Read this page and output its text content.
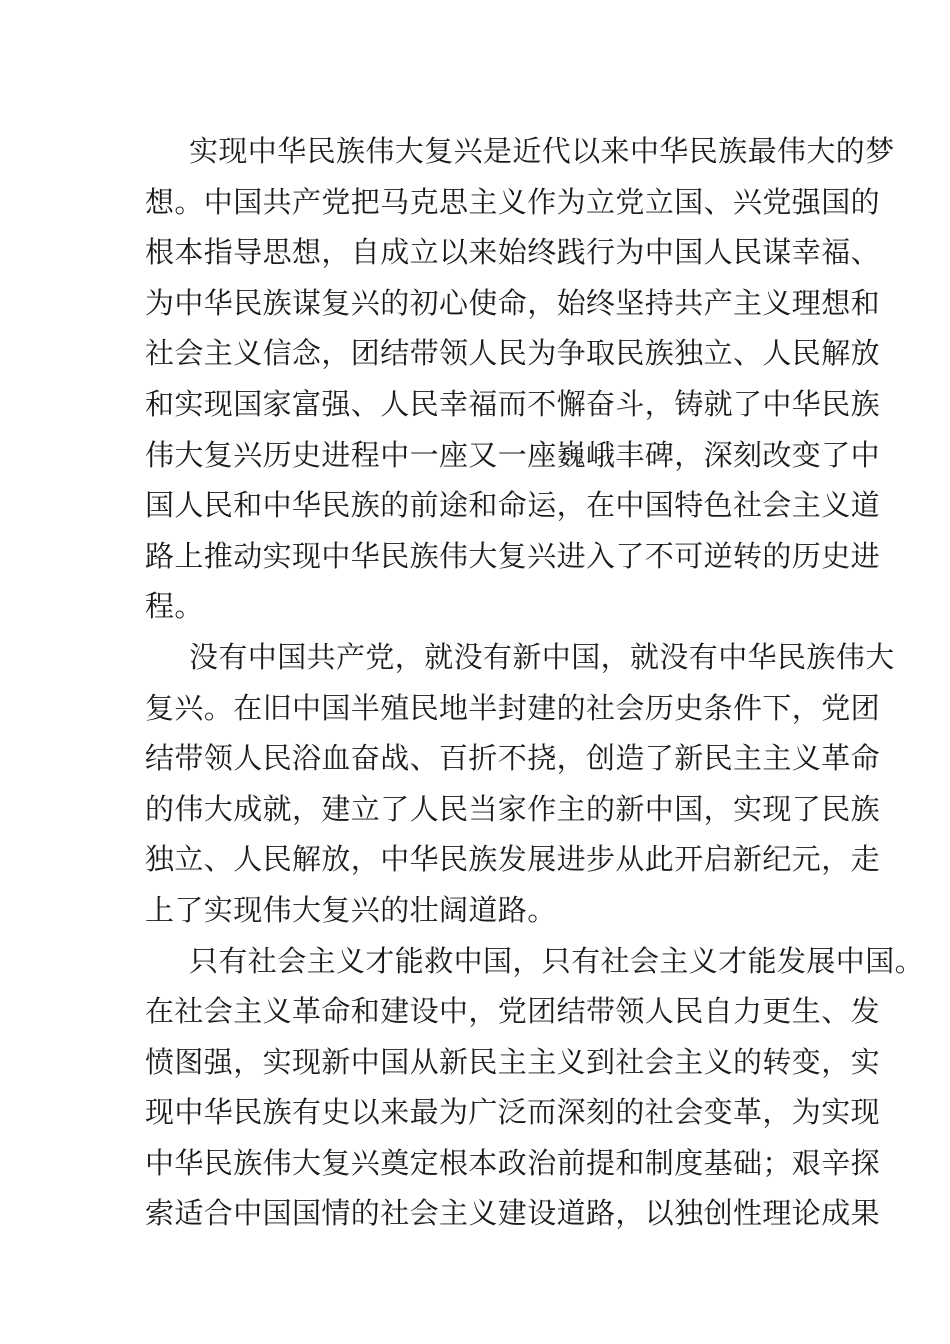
实现中华民族伟大复兴是近代以来中华民族最伟大的梦
想。中国共产党把马克思主义作为立党立国、兴党强国的
根本指导思想，自成立以来始终践行为中国人民谋幸福、
为中华民族谋复兴的初心使命，始终坚持共产主义理想和
社会主义信念，团结带领人民为争取民族独立、人民解放
和实现国家富强、人民幸福而不懈奋斗，铸就了中华民族
伟大复兴历史进程中一座又一座巍峨丰碑，深刻改变了中
国人民和中华民族的前途和命运，在中国特色社会主义道
路上推动实现中华民族伟大复兴进入了不可逆转的历史进
程。
没有中国共产党，就没有新中国，就没有中华民族伟大
复兴。在旧中国半殖民地半封建的社会历史条件下，党团
结带领人民浴血奋战、百折不挠，创造了新民主主义革命
的伟大成就，建立了人民当家作主的新中国，实现了民族
独立、人民解放，中华民族发展进步从此开启新纪元，走
上了实现伟大复兴的壮阔道路。
只有社会主义才能救中国，只有社会主义才能发展中国。
在社会主义革命和建设中，党团结带领人民自力更生、发
愤图强，实现新中国从新民主主义到社会主义的转变，实
现中华民族有史以来最为广泛而深刻的社会变革，为实现
中华民族伟大复兴奠定根本政治前提和制度基础；艰辛探
索适合中国国情的社会主义建设道路，以独创性理论成果
